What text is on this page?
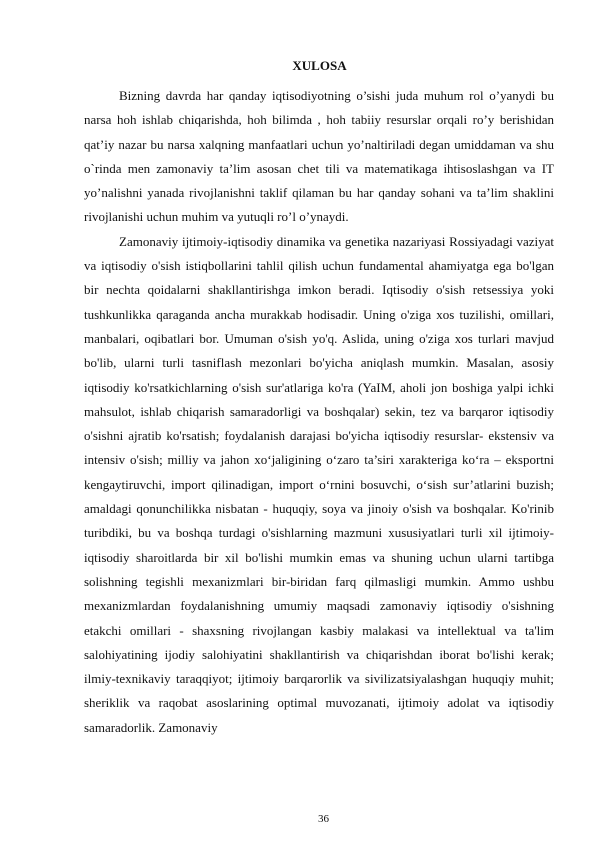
XULOSA

Bizning davrda har qanday iqtisodiyotning o’sishi juda muhum rol o’yanydi bu narsa hoh ishlab chiqarishda, hoh bilimda , hoh tabiiy resurslar orqali ro’y berishidan qat’iy nazar bu narsa xalqning manfaatlari uchun yo’naltiriladi degan umiddaman va shu o`rinda men zamonaviy ta’lim asosan chet tili va matematikaga ihtisoslashgan va IT yo’nalishni yanada rivojlanishni taklif qilaman bu har qanday sohani va ta’lim shaklini rivojlanishi uchun muhim va yutuqli ro’l o’ynaydi.

Zamonaviy ijtimoiy-iqtisodiy dinamika va genetika nazariyasi Rossiyadagi vaziyat va iqtisodiy o'sish istiqbollarini tahlil qilish uchun fundamental ahamiyatga ega bo'lgan bir nechta qoidalarni shakllantirishga imkon beradi. Iqtisodiy o'sish retsessiya yoki tushkunlikka qaraganda ancha murakkab hodisadir. Uning o'ziga xos tuzilishi, omillari, manbalari, oqibatlari bor. Umuman o'sish yo'q. Aslida, uning o'ziga xos turlari mavjud bo'lib, ularni turli tasniflash mezonlari bo'yicha aniqlash mumkin. Masalan, asosiy iqtisodiy ko'rsatkichlarning o'sish sur'atlariga ko'ra (YaIM, aholi jon boshiga yalpi ichki mahsulot, ishlab chiqarish samaradorligi va boshqalar) sekin, tez va barqaror iqtisodiy o'sishni ajratib ko'rsatish; foydalanish darajasi bo'yicha iqtisodiy resurslar- ekstensiv va intensiv o'sish; milliy va jahon xo‘jaligining o‘zaro ta’siri xarakteriga ko‘ra – eksportni kengaytiruvchi, import qilinadigan, import o‘rnini bosuvchi, o‘sish sur’atlarini buzish; amaldagi qonunchilikka nisbatan - huquqiy, soya va jinoiy o'sish va boshqalar. Ko'rinib turibdiki, bu va boshqa turdagi o'sishlarning mazmuni xususiyatlari turli xil ijtimoiy-iqtisodiy sharoitlarda bir xil bo'lishi mumkin emas va shuning uchun ularni tartibga solishning tegishli mexanizmlari bir-biridan farq qilmasligi mumkin. Ammo ushbu mexanizmlardan foydalanishning umumiy maqsadi zamonaviy iqtisodiy o'sishning etakchi omillari - shaxsning rivojlangan kasbiy malakasi va intellektual va ta'lim salohiyatining ijodiy salohiyatini shakllantirish va chiqarishdan iborat bo'lishi kerak; ilmiy-texnikaviy taraqqiyot; ijtimoiy barqarorlik va sivilizatsiyalashgan huquqiy muhit; sheriklik va raqobat asoslarining optimal muvozanati, ijtimoiy adolat va iqtisodiy samaradorlik. Zamonaviy

36
